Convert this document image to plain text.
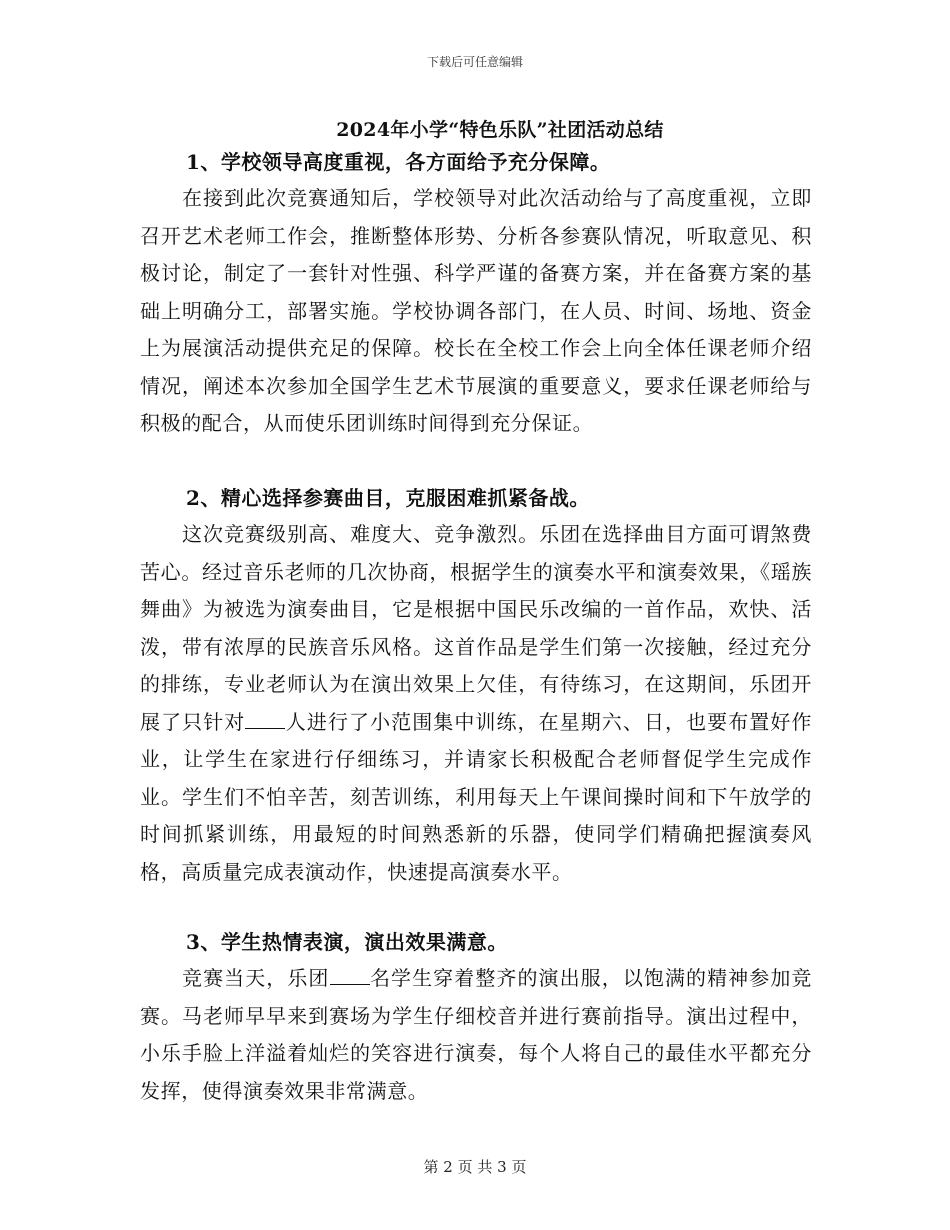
下载后可任意编辑
2024年小学“特色乐队”社团活动总结
1、学校领导高度重视，各方面给予充分保障。
在接到此次竞赛通知后，学校领导对此次活动给与了高度重视，立即召开艺术老师工作会，推断整体形势、分析各参赛队情况，听取意见、积极讨论，制定了一套针对性强、科学严谨的备赛方案，并在备赛方案的基础上明确分工，部署实施。学校协调各部门，在人员、时间、场地、资金上为展演活动提供充足的保障。校长在全校工作会上向全体任课老师介绍情况，阐述本次参加全国学生艺术节展演的重要意义，要求任课老师给与积极的配合，从而使乐团训练时间得到充分保证。
2、精心选择参赛曲目，克服困难抓紧备战。
这次竞赛级别高、难度大、竞争激烈。乐团在选择曲目方面可谓煞费苦心。经过音乐老师的几次协商，根据学生的演奏水平和演奏效果，《瑶族舞曲》为被选为演奏曲目，它是根据中国民乐改编的一首作品，欢快、活泼，带有浓厚的民族音乐风格。这首作品是学生们第一次接触，经过充分的排练，专业老师认为在演出效果上欠佳，有待练习，在这期间，乐团开展了只针对 人进行了小范围集中训练，在星期六、日，也要布置好作业，让学生在家进行仔细练习，并请家长积极配合老师督促学生完成作业。学生们不怕辛苦，刻苦训练，利用每天上午课间操时间和下午放学的时间抓紧训练，用最短的时间熟悉新的乐器，使同学们精确把握演奏风格，高质量完成表演动作，快速提高演奏水平。
3、学生热情表演，演出效果满意。
竞赛当天，乐团 名学生穿着整齐的演出服，以饱满的精神参加竞赛。马老师早早来到赛场为学生仔细校音并进行赛前指导。演出过程中，小乐手脸上洋溢着灿烂的笑容进行演奏，每个人将自己的最佳水平都充分发挥，使得演奏效果非常满意。
第 2 页 共 3 页
